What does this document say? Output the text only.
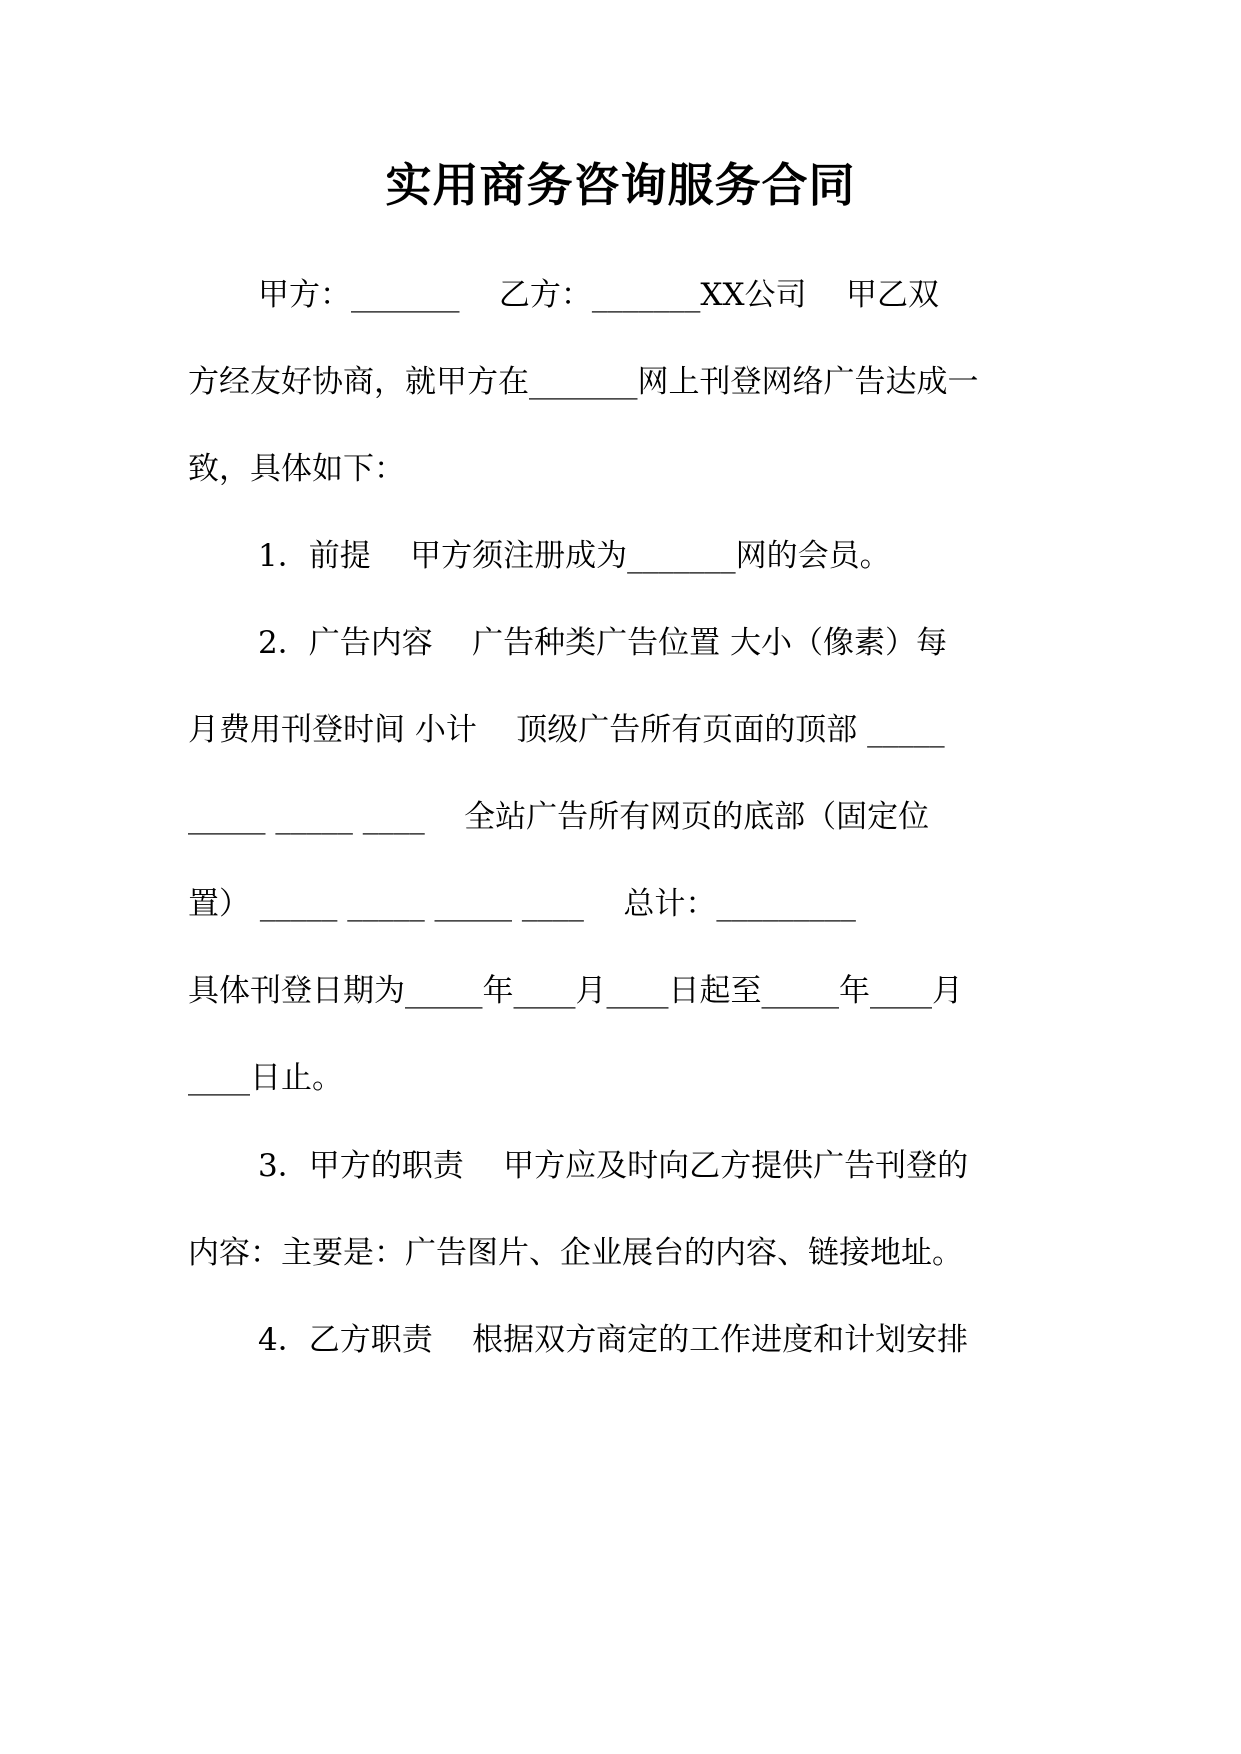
实用商务咨询服务合同
甲方：_______    乙方：_______XX公司    甲乙双
方经友好协商，就甲方在_______网上刊登网络广告达成一
致，具体如下：
1．前提    甲方须注册成为_______网的会员。
2．广告内容    广告种类广告位置 大小（像素）每
月费用刊登时间 小计    顶级广告所有页面的顶部 _____
_____ _____ ____    全站广告所有网页的底部（固定位
置） _____ _____ _____ ____    总计：_________
具体刊登日期为_____年____月____日起至_____年____月
____日止。
3．甲方的职责    甲方应及时向乙方提供广告刊登的
内容：主要是：广告图片、企业展台的内容、链接地址。
4．乙方职责    根据双方商定的工作进度和计划安排
